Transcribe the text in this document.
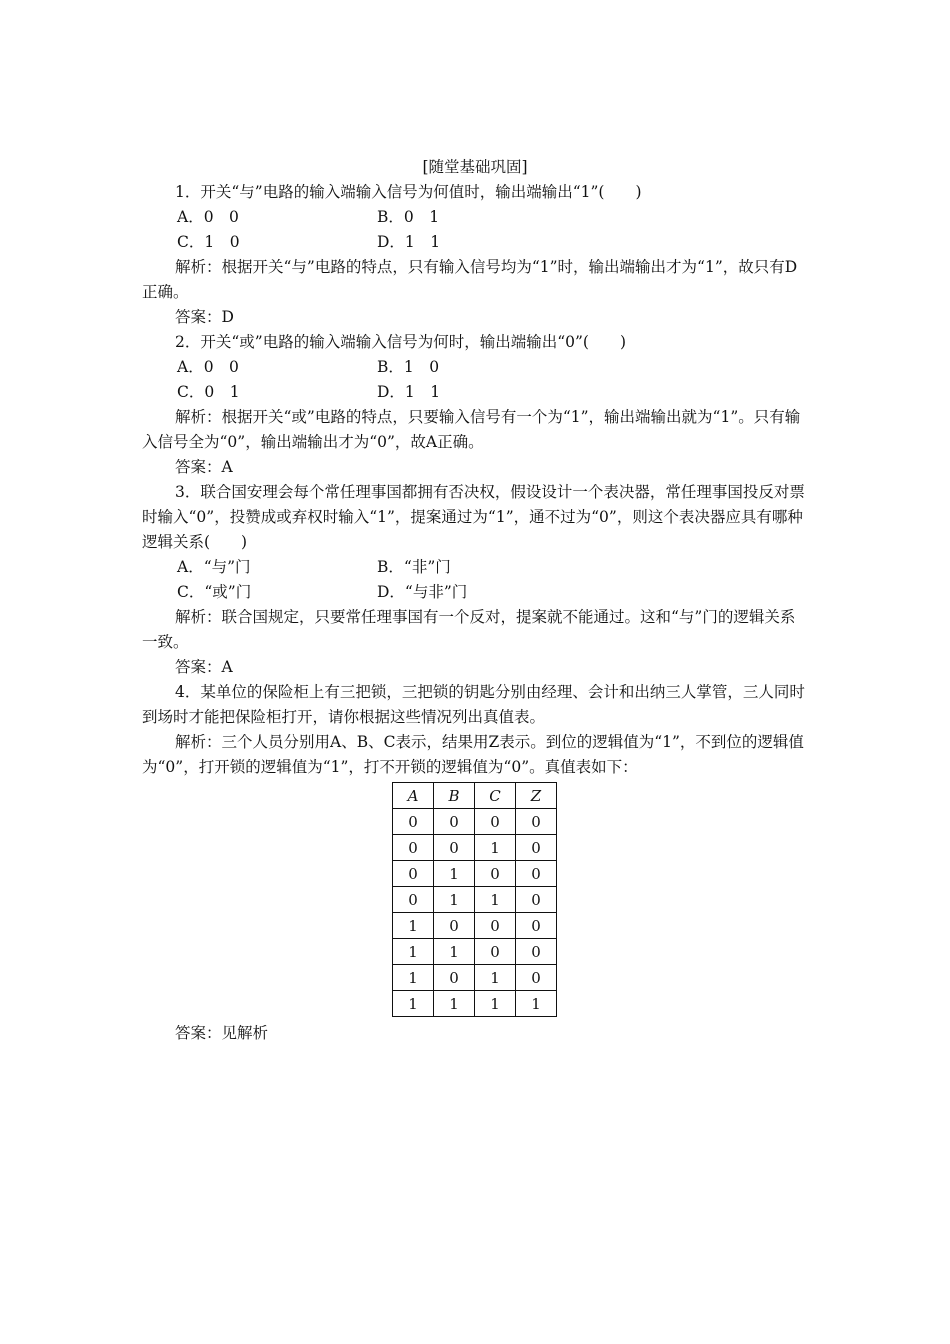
[随堂基础巩固]

1．开关“与”电路的输入端输入信号为何值时，输出端输出“1”(　　)

A．0　0	B．0　1
C．1　0	D．1　1

解析：根据开关“与”电路的特点，只有输入信号均为“1”时，输出端输出才为“1”，故只有D正确。

答案：D

2．开关“或”电路的输入端输入信号为何时，输出端输出“0”(　　)

A．0　0	B．1　0
C．0　1	D．1　1

解析：根据开关“或”电路的特点，只要输入信号有一个为“1”，输出端输出就为“1”。只有输入信号全为“0”，输出端输出才为“0”，故A正确。

答案：A

3．联合国安理会每个常任理事国都拥有否决权，假设设计一个表决器，常任理事国投反对票时输入“0”，投赞成或弃权时输入“1”，提案通过为“1”，通不过为“0”，则这个表决器应具有哪种逻辑关系(　　)

A．“与”门	B．“非”门
C．“或”门	D．“与非”门

解析：联合国规定，只要常任理事国有一个反对，提案就不能通过。这和“与”门的逻辑关系一致。

答案：A

4．某单位的保险柜上有三把锁，三把锁的钥匙分别由经理、会计和出纳三人掌管，三人同时到场时才能把保险柜打开，请你根据这些情况列出真值表。

解析：三个人员分别用A、B、C表示，结果用Z表示。到位的逻辑值为“1”，不到位的逻辑值为“0”，打开锁的逻辑值为“1”，打不开锁的逻辑值为“0”。真值表如下：

A	B	C	Z
0	0	0	0
0	0	1	0
0	1	0	0
0	1	1	0
1	0	0	0
1	1	0	0
1	0	1	0
1	1	1	1

答案：见解析
